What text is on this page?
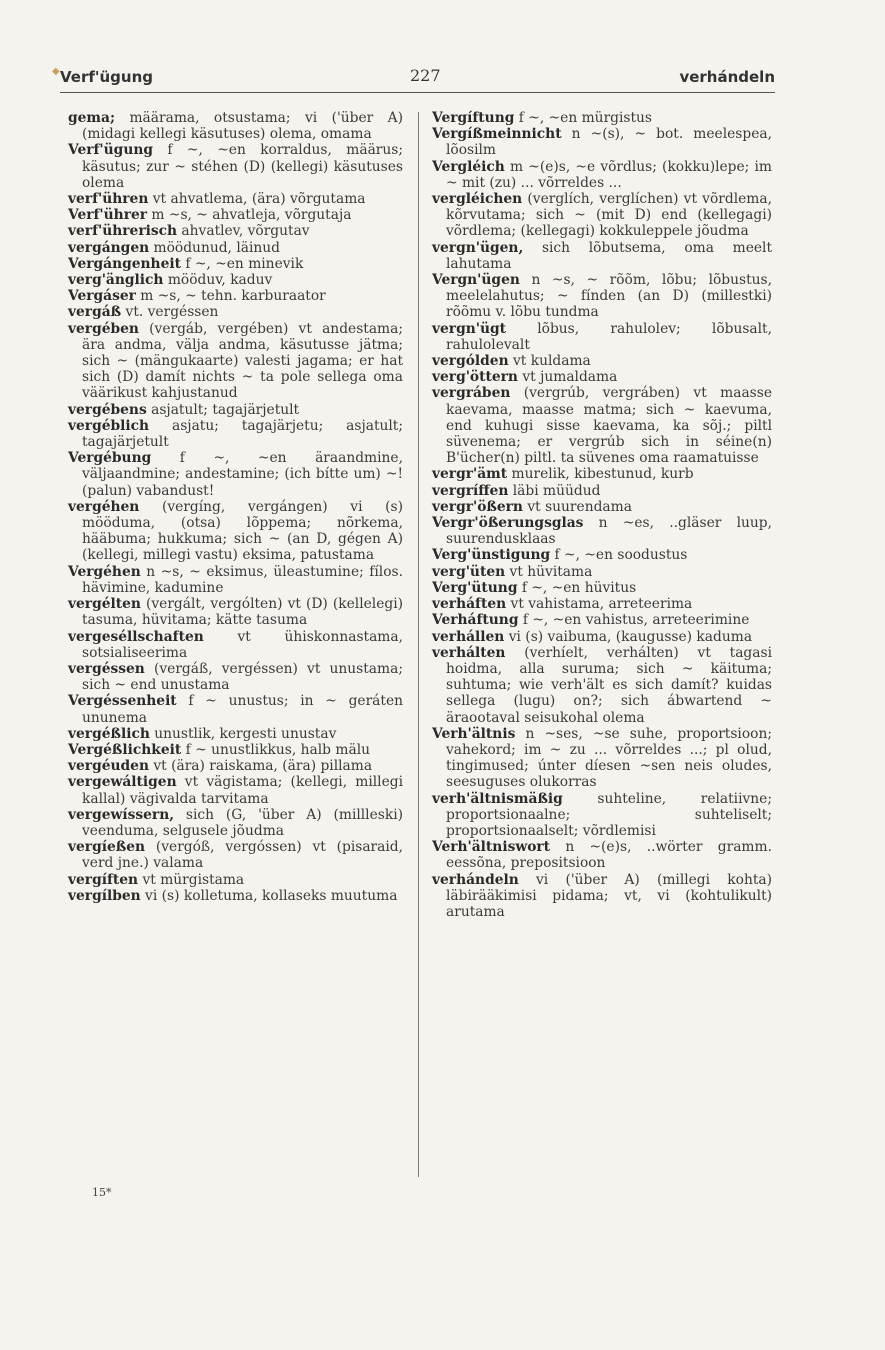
◆ Verf'ügung	227	verhándeln

gema; määrama, otsustama; vi ('über A) (midagi kellegi käsutuses) olema, omama

Verf'ügung f ~, ~en korraldus, määrus; käsutus; zur ~ stéhen (D) (kellegi) käsutuses olema

verf'ühren vt ahvatlema, (ära) võrgutama

Verf'ührer m ~s, ~ ahvatleja, võrgutaja

verf'ührerisch ahvatlev, võrgutav

vergángen möödunud, läinud

Vergángenheit f ~, ~en minevik

verg'änglich mööduv, kaduv

Vergáser m ~s, ~ tehn. karburaator

vergáß vt. vergéssen

vergében (vergáb, vergében) vt andestama; ära andma, välja andma, käsutusse jätma; sich ~ (mängukaarte) valesti jagama; er hat sich (D) damít nichts ~ ta pole sellega oma väärikust kahjustanud

vergébens asjatult; tagajärjetult

vergéblich asjatu; tagajärjetu; asjatult; tagajärjetult

Vergébung f ~, ~en äraandmine, väljaandmine; andestamine; (ich bítte um) ~! (palun) vabandust!

vergéhen (vergíng, vergángen) vi (s) mööduma, (otsa) lõppema; nõrkema, hääbuma; hukkuma; sich ~ (an D, gégen A) (kellegi, millegi vastu) eksima, patustama

Vergéhen n ~s, ~ eksimus, üleastumine; fílos. hävimine, kadumine

vergélten (vergált, vergólten) vt (D) (kellelegi) tasuma, hüvitama; kätte tasuma

vergeséllschaften vt ühiskonnastama, sotsialiseerima

vergéssen (vergáß, vergéssen) vt unustama; sich ~ end unustama

Vergéssenheit f ~ unustus; in ~ geráten ununema

vergéßlich unustlik, kergesti unustav

Vergéßlichkeit f ~ unustlikkus, halb mälu

vergéuden vt (ära) raiskama, (ära) pillama

vergewáltigen vt vägistama; (kellegi, millegi kallal) vägivalda tarvitama

vergewíssern, sich (G, 'über A) (millleski) veenduma, selgusele jõudma

vergíeßen (vergóß, vergóssen) vt (pisaraid, verd jne.) valama

vergíften vt mürgistama

vergílben vi (s) kolletuma, kollaseks muutuma

Vergíftung f ~, ~en mürgistus

Vergíßmeinnicht n ~(s), ~ bot. meelespea, lõosilm

Vergléich m ~(e)s, ~e võrdlus; (kokku)lepe; im ~ mit (zu) ... võrreldes ...

vergléichen (verglích, verglíchen) vt võrdlema, kõrvutama; sich ~ (mit D) end (kellegagi) võrdlema; (kellegagi) kokkuleppele jõudma

vergn'ügen, sich lõbutsema, oma meelt lahutama

Vergn'ügen n ~s, ~ rõõm, lõbu; lõbustus, meelelahutus; ~ fínden (an D) (millestki) rõõmu v. lõbu tundma

vergn'ügt lõbus, rahulolev; lõbusalt, rahulolevalt

vergólden vt kuldama

verg'öttern vt jumaldama

vergráben (vergrúb, vergráben) vt maasse kaevama, maasse matma; sich ~ kaevuma, end kuhugi sisse kaevama, ka sõj.; piltl süvenema; er vergrúb sich in séine(n) B'ücher(n) piltl. ta süvenes oma raamatuisse

vergr'ämt murelik, kibestunud, kurb

vergríffen läbi müüdud

vergr'ößern vt suurendama

Vergr'ößerungsglas n ~es, ..gläser luup, suurendusklaas

Verg'ünstigung f ~, ~en soodustus

verg'üten vt hüvitama

Verg'ütung f ~, ~en hüvitus

verháften vt vahistama, arreteerima

Verháftung f ~, ~en vahistus, arreteerimine

verhállen vi (s) vaibuma, (kaugusse) kaduma

verhálten (verhíelt, verhálten) vt tagasi hoidma, alla suruma; sich ~ käituma; suhtuma; wie verh'ält es sich damít? kuidas sellega (lugu) on?; sich ábwartend ~ äraootaval seisukohal olema

Verh'ältnis n ~ses, ~se suhe, proportsioon; vahekord; im ~ zu ... võrreldes ...; pl olud, tingimused; únter díesen ~sen neis oludes, seesuguses olukorras

verh'ältnismäßig suhteline, relatiivne; proportsionaalne; suhteliselt; proportsionaalselt; võrdlemisi

Verh'ältniswort n ~(e)s, ..wörter gramm. eessõna, prepositsioon

verhándeln vi ('über A) (millegi kohta) läbirääkimisi pidama; vt, vi (kohtulikult) arutama

15*
